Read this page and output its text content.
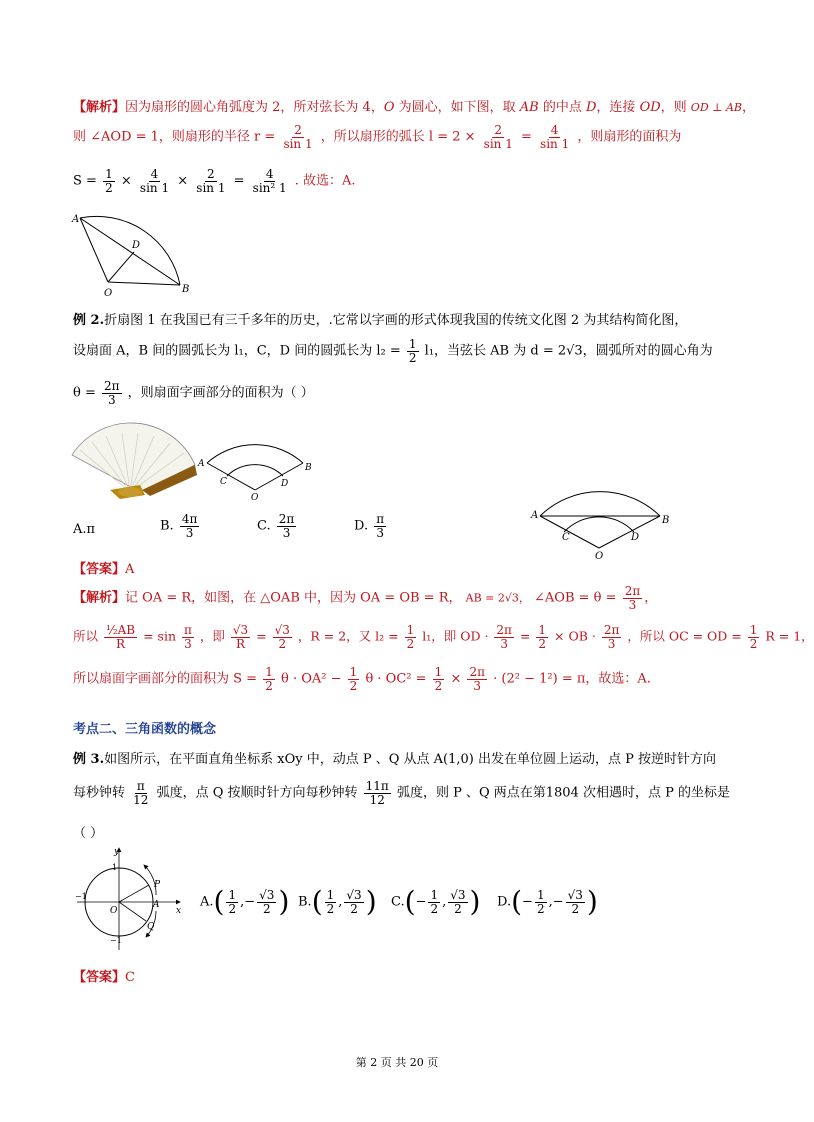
【解析】因为扇形的圆心角弧度为 2，所对弦长为 4，O 为圆心，如下图，取 AB 的中点 D，连接 OD，则 OD ⊥ AB，
则 ∠AOD = 1，则扇形的半径 $r = \frac{2}{\sin 1}$ ，所以扇形的弧长 $l = 2 \times \frac{2}{\sin 1} = \frac{4}{\sin 1}$ ，则扇形的面积为
$S = \frac{1}{2} \times \frac{4}{\sin 1} \times \frac{2}{\sin 1} = \frac{4}{\text{sin² 1}}$ . 故选：A.
A
B
D
O
例 2.折扇图 1 在我国已有三千多年的历史，.它常以字画的形式体现我国的传统文化图 2 为其结构简化图，
设扇面 A，B 间的圆弧长为 l₁，C，D 间的圆弧长为 $l_2 = \frac{1}{2} l_1$，当弦长 AB 为 d = 2√3，圆弧所对的圆心角为
$\theta = \frac{2\pi}{3}$ ，则扇面字画部分的面积为（ ）
A	B
C	D
O
A.π	B. $\frac{4\pi}{3}$	C. $\frac{2\pi}{3}$	D. $\frac{\pi}{3}$	A	B
C	D
O
【答案】A
【解析】记 OA = R，如图，在 △OAB 中，因为 OA = OB = R， AB = 2√3， ∠AOB = $\theta = \frac{2\pi}{3}$ ，
所以 $\frac{\text{½AB}}{R} = \sin \frac{\pi}{3}$ ，即 $\frac{√3}{R} = \frac{√3}{2}$ ，R = 2，又 $l_2 = \frac{1}{2} l_1$，即 OD · $\frac{2\pi}{3} = \frac{1}{2}$ × OB · $\frac{2\pi}{3}$ ，所以 OC = OD = $\frac{1}{2}$ R = 1，
所以扇面字画部分的面积为 $S = \frac{1}{2}$ $\theta \cdot OA^2 - \frac{1}{2}$ $\theta \cdot OC^2 = \frac{1}{2} \times \frac{2\pi}{3} \cdot (2^2 - 1^2) = \pi$，故选：A.
考点二、三角函数的概念
例 3.如图所示，在平面直角坐标系 xOy 中，动点 P 、Q 从点 A(1,0) 出发在单位圆上运动，点 P 按逆时针方向
每秒钟转 $\frac{\pi}{12}$ 弧度，点 Q 按顺时针方向每秒钟转 $\frac{11\pi}{12}$ 弧度，则 P 、Q 两点在第1804 次相遇时，点 P 的坐标是
（ ）
y
x
1
−1
−1
O
P
A
Q
$A.( \frac{1}{2}$ ,− $\frac{√3}{2}$ ) $B.( \frac{1}{2}$ , $\frac{√3}{2}$ ) $C.(- \frac{1}{2}$ , $\frac{√3}{2}$ ) $D.(- \frac{1}{2}$ ,− $\frac{√3}{2}$ )
【答案】C
第 2 页 共 20 页
